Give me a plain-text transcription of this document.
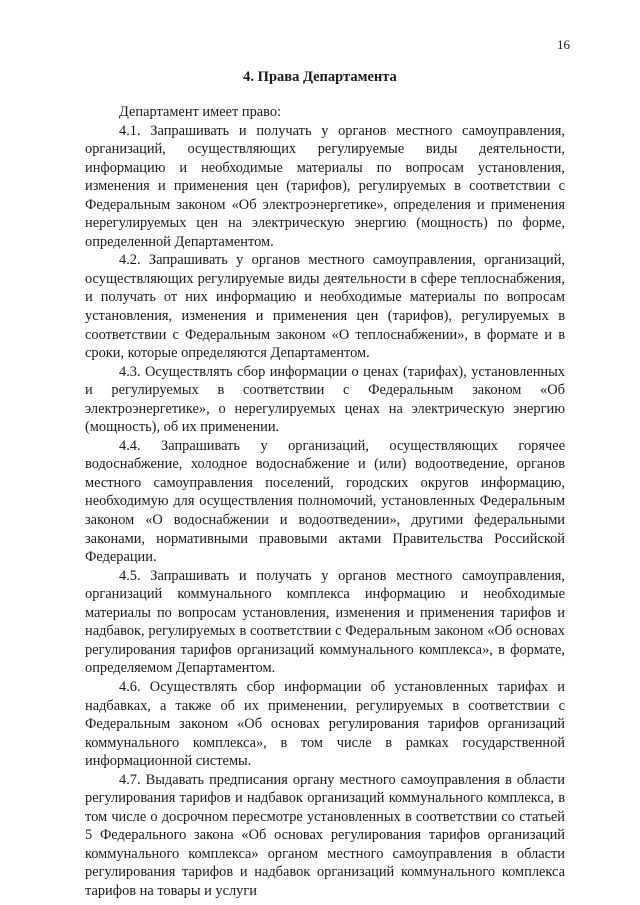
16
4. Права Департамента

Департамент имеет право:

4.1. Запрашивать и получать у органов местного самоуправления, организаций, осуществляющих регулируемые виды деятельности, информацию и необходимые материалы по вопросам установления, изменения и применения цен (тарифов), регулируемых в соответствии с Федеральным законом «Об электроэнергетике», определения и применения нерегулируемых цен на электрическую энергию (мощность) по форме, определенной Департаментом.

4.2. Запрашивать у органов местного самоуправления, организаций, осуществляющих регулируемые виды деятельности в сфере теплоснабжения, и получать от них информацию и необходимые материалы по вопросам установления, изменения и применения цен (тарифов), регулируемых в соответствии с Федеральным законом «О теплоснабжении», в формате и в сроки, которые определяются Департаментом.

4.3. Осуществлять сбор информации о ценах (тарифах), установленных и регулируемых в соответствии с Федеральным законом «Об электроэнергетике», о нерегулируемых ценах на электрическую энергию (мощность), об их применении.

4.4. Запрашивать у организаций, осуществляющих горячее водоснабжение, холодное водоснабжение и (или) водоотведение, органов местного самоуправления поселений, городских округов информацию, необходимую для осуществления полномочий, установленных Федеральным законом «О водоснабжении и водоотведении», другими федеральными законами, нормативными правовыми актами Правительства Российской Федерации.

4.5. Запрашивать и получать у органов местного самоуправления, организаций коммунального комплекса информацию и необходимые материалы по вопросам установления, изменения и применения тарифов и надбавок, регулируемых в соответствии с Федеральным законом «Об основах регулирования тарифов организаций коммунального комплекса», в формате, определяемом Департаментом.

4.6. Осуществлять сбор информации об установленных тарифах и надбавках, а также об их применении, регулируемых в соответствии с Федеральным законом «Об основах регулирования тарифов организаций коммунального комплекса», в том числе в рамках государственной информационной системы.

4.7. Выдавать предписания органу местного самоуправления в области регулирования тарифов и надбавок организаций коммунального комплекса, в том числе о досрочном пересмотре установленных в соответствии со статьей 5 Федерального закона «Об основах регулирования тарифов организаций коммунального комплекса» органом местного самоуправления в области регулирования тарифов и надбавок организаций коммунального комплекса тарифов на товары и услуги
